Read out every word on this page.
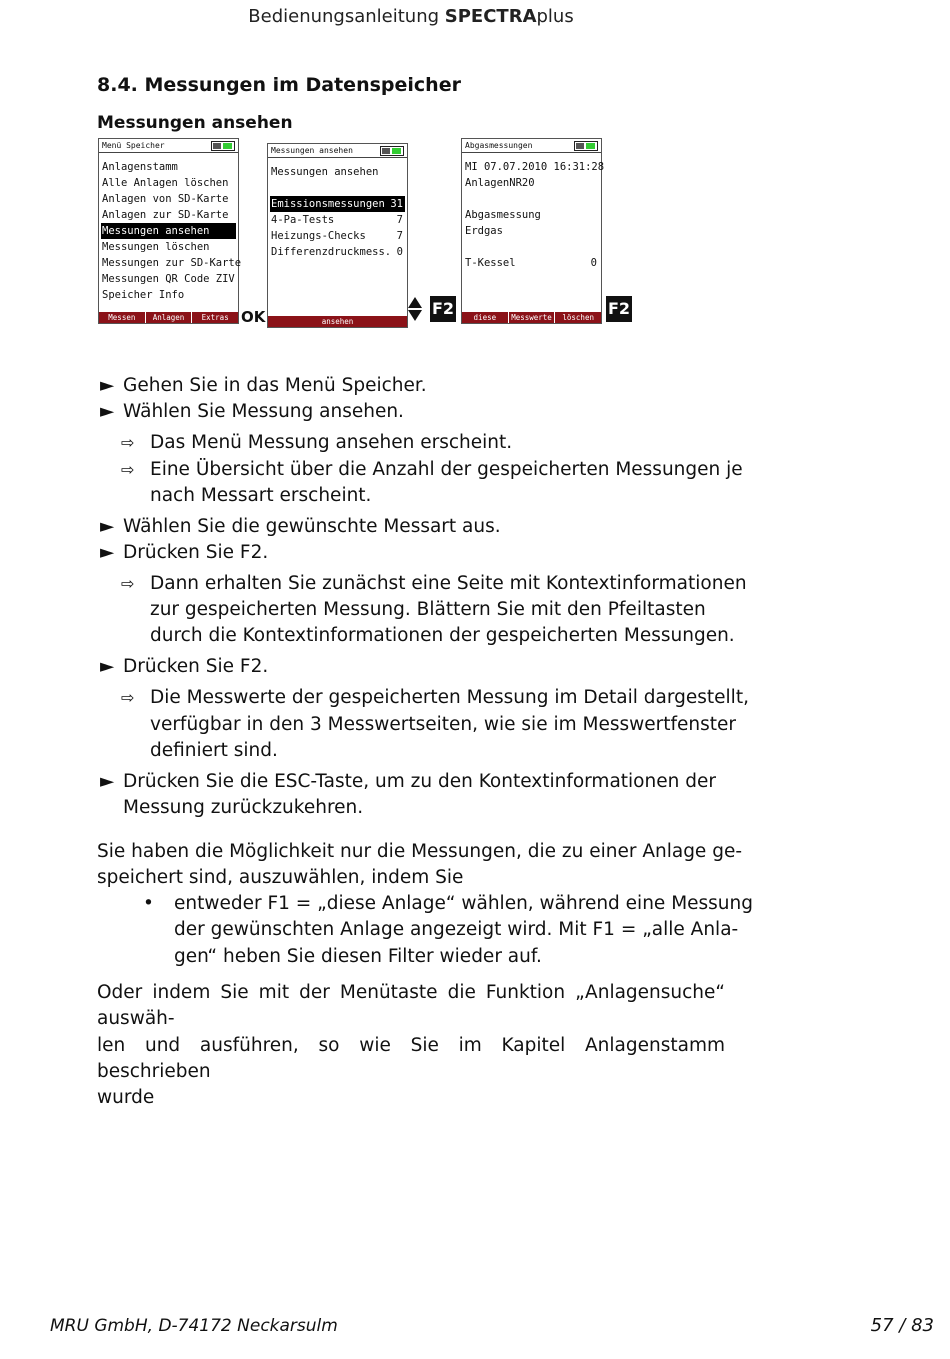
Bedienungsanleitung SPECTRAplus
8.4. Messungen im Datenspeicher
Messungen ansehen
Menü Speicher
Anlagenstamm
Alle Anlagen löschen
Anlagen von SD-Karte
Anlagen zur SD-Karte
Messungen ansehen
Messungen löschen
Messungen zur SD-Karte
Messungen QR Code ZIV
Speicher Info
Messen	Anlagen	Extras OK
Messungen ansehen
Messungen ansehen
Emissionsmessungen 31
4-Pa-Tests	7
Heizungs-Checks	7
Differenzdruckmess. 0
ansehen
F2
Abgasmessungen
MI 07.07.2010 16:31:28
AnlagenNR20
Abgasmessung
Erdgas
T-Kessel	0
diese Anlage
Messwerte	löschen F2
► Gehen Sie in das Menü Speicher.
► Wählen Sie Messung ansehen.
⇨ Das Menü Messung ansehen erscheint.
⇨ Eine Übersicht über die Anzahl der gespeicherten Messungen je
nach Messart erscheint.
► Wählen Sie die gewünschte Messart aus.
► Drücken Sie F2.
⇨ Dann erhalten Sie zunächst eine Seite mit Kontextinformationen
zur gespeicherten Messung. Blättern Sie mit den Pfeiltasten
durch die Kontextinformationen der gespeicherten Messungen.
► Drücken Sie F2.
⇨ Die Messwerte der gespeicherten Messung im Detail dargestellt,
verfügbar in den 3 Messwertseiten, wie sie im Messwertfenster
definiert sind.
► Drücken Sie die ESC-Taste, um zu den Kontextinformationen der
Messung zurückzukehren.
Sie haben die Möglichkeit nur die Messungen, die zu einer Anlage ge-
speichert sind, auszuwählen, indem Sie
• entweder F1 = „diese Anlage“ wählen, während eine Messung
der gewünschten Anlage angezeigt wird. Mit F1 = „alle Anla-
gen“ heben Sie diesen Filter wieder auf.
Oder indem Sie mit der Menütaste die Funktion „Anlagensuche“ auswäh-
len und ausführen, so wie Sie im Kapitel Anlagenstamm beschrieben
wurde
MRU GmbH, D-74172 Neckarsulm	57 / 83
